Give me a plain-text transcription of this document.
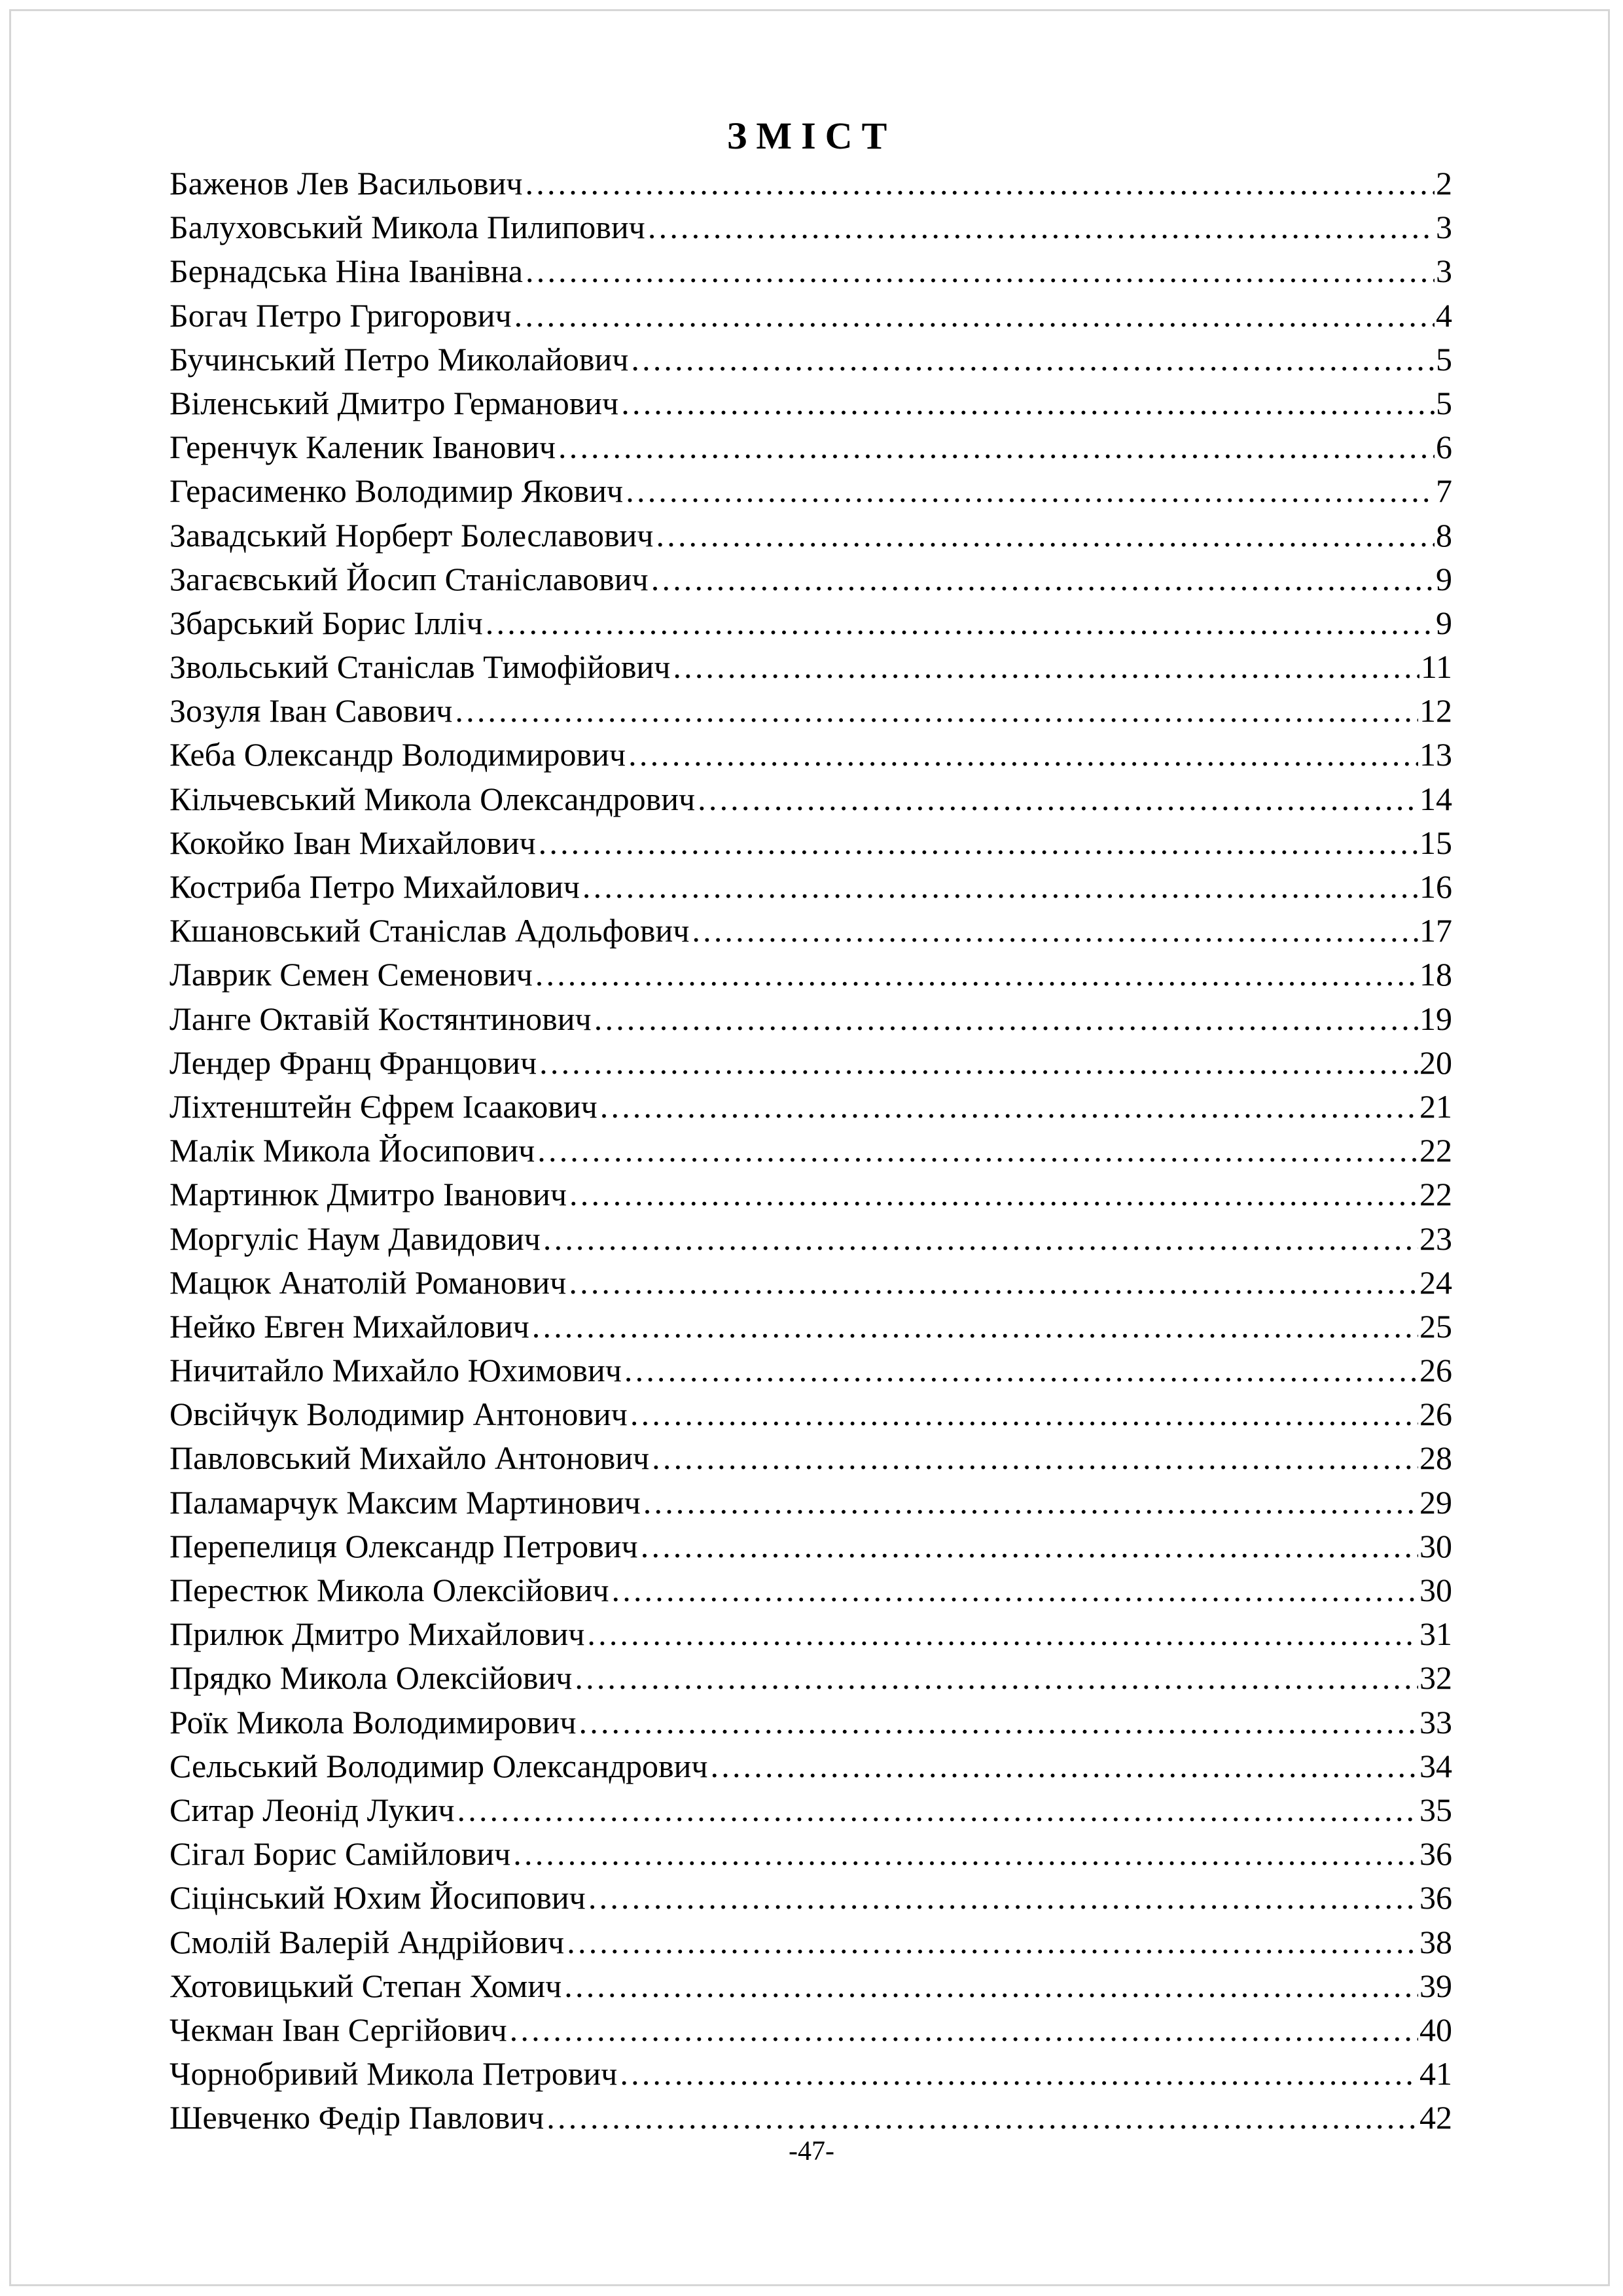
ЗМІСТ
Баженов Лев Васильович ………………………………………………………………………………………………………………………………………………………………………………………………………	2
Балуховський Микола Пилипович ………………………………………………………………………………………………………………………………………………………………………………………………………	3
Бернадська Ніна Іванівна ………………………………………………………………………………………………………………………………………………………………………………………………………	3
Богач Петро Григорович ………………………………………………………………………………………………………………………………………………………………………………………………………	4
Бучинський Петро Миколайович ………………………………………………………………………………………………………………………………………………………………………………………………………	5
Віленський Дмитро Германович ………………………………………………………………………………………………………………………………………………………………………………………………………	5
Геренчук Каленик Іванович ………………………………………………………………………………………………………………………………………………………………………………………………………	6
Герасименко Володимир Якович ………………………………………………………………………………………………………………………………………………………………………………………………………	7
Завадський Норберт Болеславович ………………………………………………………………………………………………………………………………………………………………………………………………………	8
Загаєвський Йосип Станіславович ………………………………………………………………………………………………………………………………………………………………………………………………………	9
Збарський Борис Ілліч ………………………………………………………………………………………………………………………………………………………………………………………………………	9
Звольський Станіслав Тимофійович ………………………………………………………………………………………………………………………………………………………………………………………………………	11
Зозуля Іван Савович ………………………………………………………………………………………………………………………………………………………………………………………………………	12
Кеба Олександр Володимирович ………………………………………………………………………………………………………………………………………………………………………………………………………	13
Кільчевський Микола Олександрович ………………………………………………………………………………………………………………………………………………………………………………………………………	14
Кокойко Іван Михайлович ………………………………………………………………………………………………………………………………………………………………………………………………………	15
Костриба Петро Михайлович ………………………………………………………………………………………………………………………………………………………………………………………………………	16
Кшановський Станіслав Адольфович ………………………………………………………………………………………………………………………………………………………………………………………………………	17
Лаврик Семен Семенович ………………………………………………………………………………………………………………………………………………………………………………………………………	18
Ланге Октавій Костянтинович ………………………………………………………………………………………………………………………………………………………………………………………………………	19
Лендер Франц Францович ………………………………………………………………………………………………………………………………………………………………………………………………………	20
Ліхтенштейн Єфрем Ісаакович ………………………………………………………………………………………………………………………………………………………………………………………………………	21
Малік Микола Йосипович ………………………………………………………………………………………………………………………………………………………………………………………………………	22
Мартинюк Дмитро Іванович ………………………………………………………………………………………………………………………………………………………………………………………………………	22
Моргуліс Наум Давидович ………………………………………………………………………………………………………………………………………………………………………………………………………	23
Мацюк Анатолій Романович ………………………………………………………………………………………………………………………………………………………………………………………………………	24
Нейко Евген Михайлович ………………………………………………………………………………………………………………………………………………………………………………………………………	25
Ничитайло Михайло Юхимович ………………………………………………………………………………………………………………………………………………………………………………………………………	26
Овсійчук Володимир Антонович ………………………………………………………………………………………………………………………………………………………………………………………………………	26
Павловський Михайло Антонович ………………………………………………………………………………………………………………………………………………………………………………………………………	28
Паламарчук Максим Мартинович ………………………………………………………………………………………………………………………………………………………………………………………………………	29
Перепелиця Олександр Петрович ………………………………………………………………………………………………………………………………………………………………………………………………………	30
Перестюк Микола Олексійович ………………………………………………………………………………………………………………………………………………………………………………………………………	30
Прилюк Дмитро Михайлович ………………………………………………………………………………………………………………………………………………………………………………………………………	31
Прядко Микола Олексійович ………………………………………………………………………………………………………………………………………………………………………………………………………	32
Роїк Микола Володимирович ………………………………………………………………………………………………………………………………………………………………………………………………………	33
Сельський Володимир Олександрович ………………………………………………………………………………………………………………………………………………………………………………………………………	34
Ситар Леонід Лукич ………………………………………………………………………………………………………………………………………………………………………………………………………	35
Сігал Борис Самійлович ………………………………………………………………………………………………………………………………………………………………………………………………………	36
Сіцінський Юхим Йосипович ………………………………………………………………………………………………………………………………………………………………………………………………………	36
Смолій Валерій Андрійович ………………………………………………………………………………………………………………………………………………………………………………………………………	38
Хотовицький Степан Хомич ………………………………………………………………………………………………………………………………………………………………………………………………………	39
Чекман Іван Сергійович ………………………………………………………………………………………………………………………………………………………………………………………………………	40
Чорнобривий Микола Петрович ………………………………………………………………………………………………………………………………………………………………………………………………………	41
Шевченко Федір Павлович ………………………………………………………………………………………………………………………………………………………………………………………………………	42
-47-
